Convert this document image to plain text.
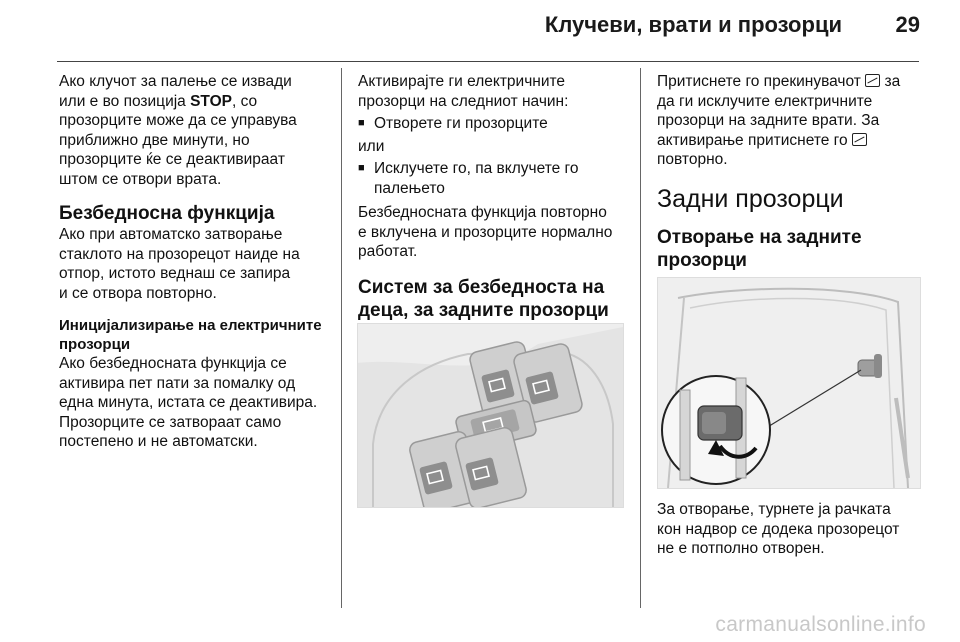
Клучеви, врати и прозорци 29

Ако клучот за палење се извади
или е во позиција STOP, со
прозорците може да се управува
приближно две минути, но
прозорците ќе се деактивираат
штом се отвори врата.

Безбедносна функција

Ако при автоматско затворање
стаклото на прозорецот наиде на
отпор, истото веднаш се запира
и се отвора повторно.

Иницијализирање на електричните
прозорци

Ако безбедносната функција се
активира пет пати за помалку од
една минута, истата се деактивира.
Прозорците се затвораат само
постепено и не автоматски.

Активирајте ги електричните
прозорци на следниот начин:

■ Отворете ги прозорците

или

■ Исклучете го, па вклучете го
палењето

Безбедносната функција повторно
е вклучена и прозорците нормално
работат.

Систем за безбедноста на
деца, за задните прозорци

Притиснете го прекинувачот  за
да ги исклучите електричните
прозорци на задните врати. За
активирање притиснете го
повторно.

Задни прозорци

Отворање на задните
прозорци

За отворање, турнете ја рачката
кон надвор се додека прозорецот
не е потполно отворен.

carmanualsonline.info
